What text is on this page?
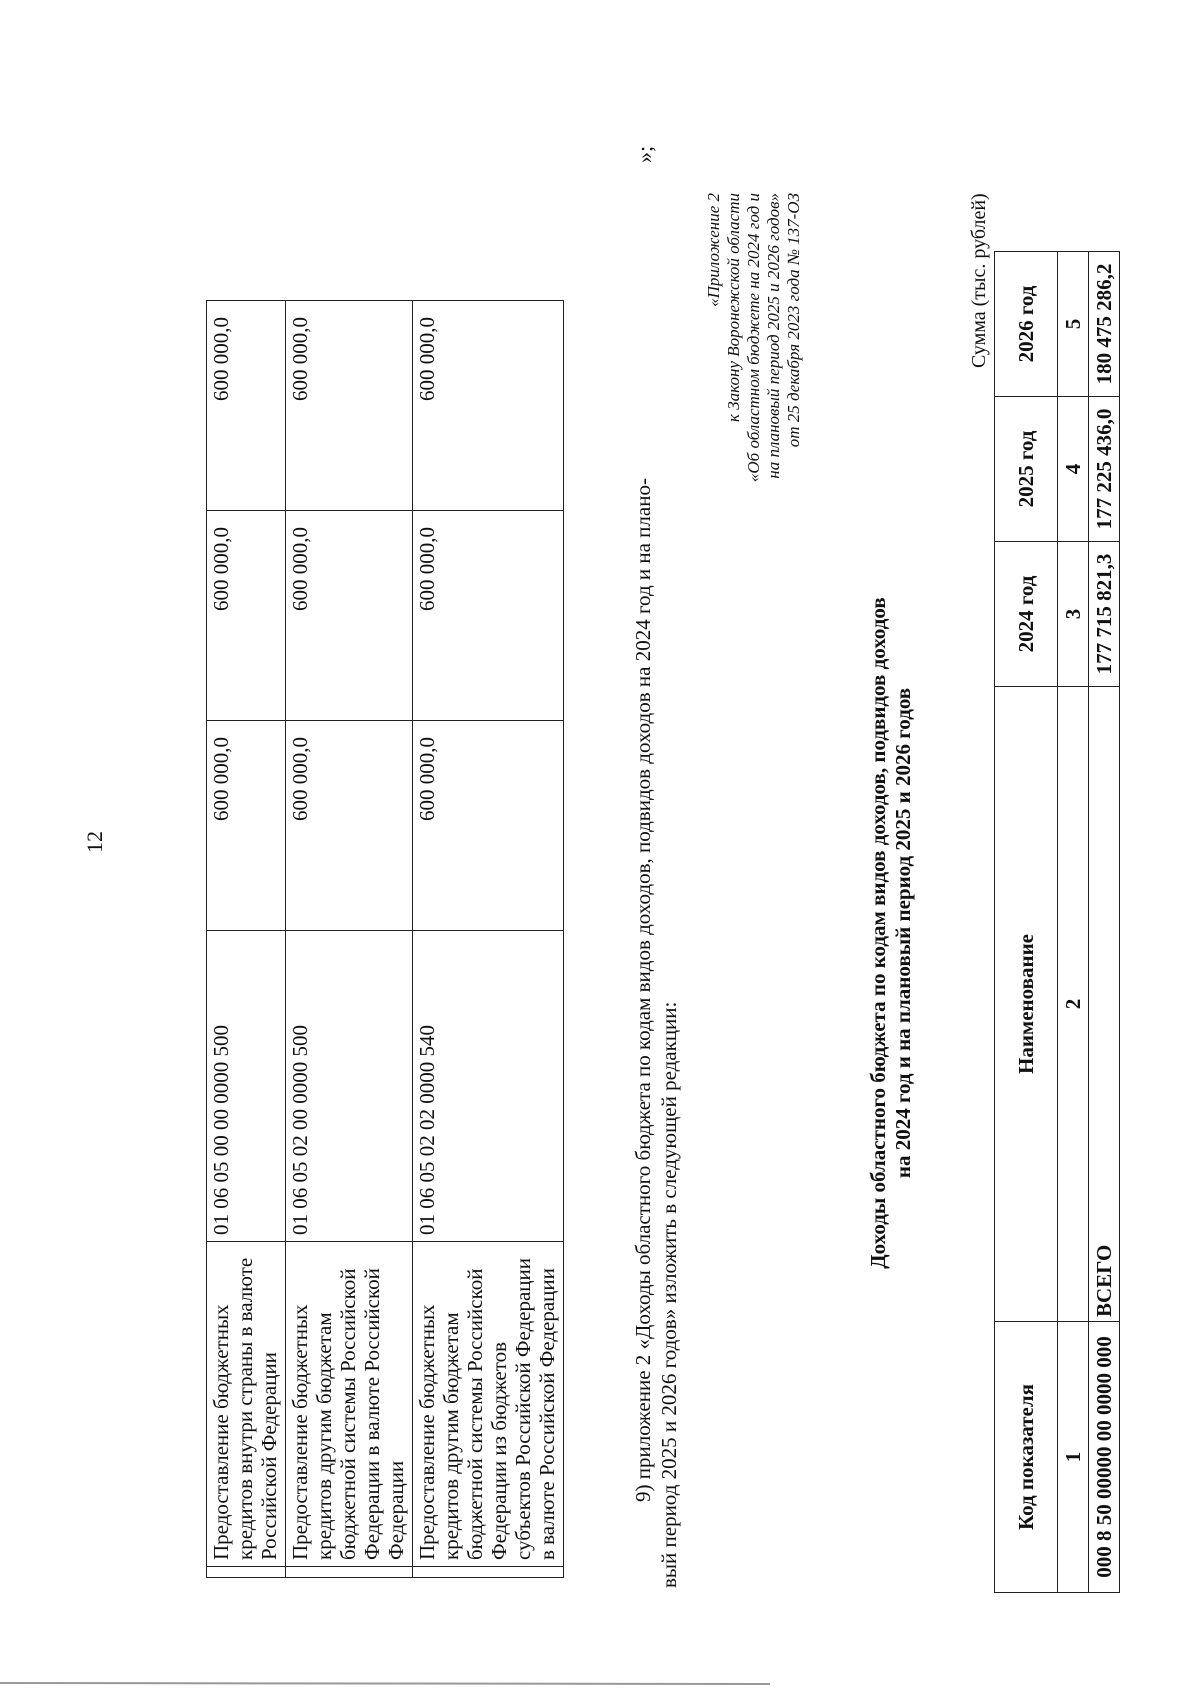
12
	Предоставление бюджетных кредитов внутри страны в валюте Российской Федерации	01 06 05 00 00 0000 500	600 000,0	600 000,0	600 000,0
	Предоставление бюджетных кредитов другим бюджетам бюджетной системы Российской Федерации в валюте Российской Федерации	01 06 05 02 00 0000 500	600 000,0	600 000,0	600 000,0
	Предоставление бюджетных кредитов другим бюджетам бюджетной системы Российской Федерации из бюджетов субъектов Российской Федерации в валюте Российской Федерации	01 06 05 02 02 0000 540	600 000,0	600 000,0	600 000,0
»;
9) приложение 2 «Доходы областного бюджета по кодам видов доходов, подвидов доходов на 2024 год и на плано- вый период 2025 и 2026 годов» изложить в следующей редакции:
«Приложение 2 к Закону Воронежской области «Об областном бюджете на 2024 год и на плановый период 2025 и 2026 годов» от 25 декабря 2023 года № 137-ОЗ
Доходы областного бюджета по кодам видов доходов, подвидов доходов на 2024 год и на плановый период 2025 и 2026 годов
Сумма (тыс. рублей)
Код показателя	Наименование	2024 год	2025 год	2026 год
1	2	3	4	5
000 8 50 00000 00 0000 000	ВСЕГО	177 715 821,3	177 225 436,0	180 475 286,2
